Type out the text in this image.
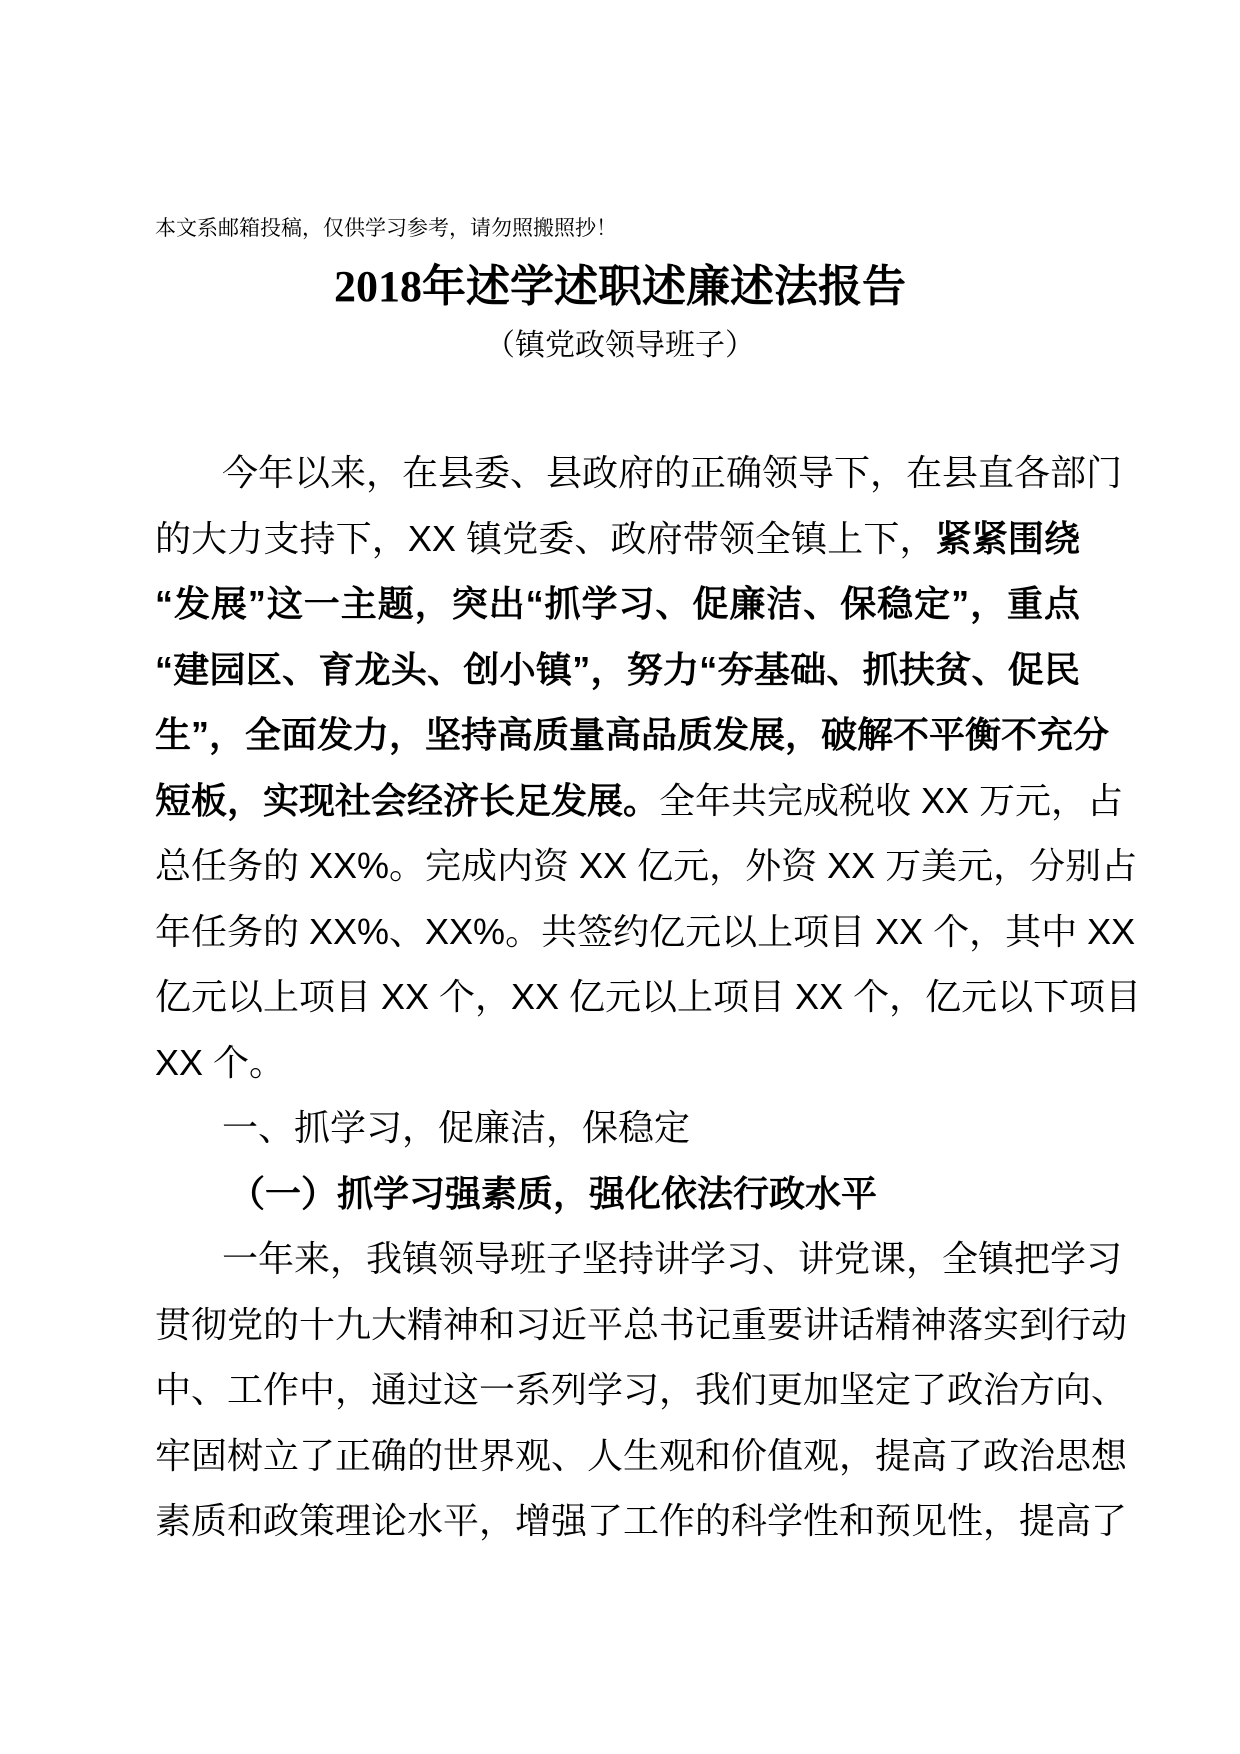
本文系邮箱投稿，仅供学习参考，请勿照搬照抄！
2018年述学述职述廉述法报告
（镇党政领导班子）
今年以来，在县委、县政府的正确领导下，在县直各部门
的大力支持下，XX 镇党委、政府带领全镇上下，紧紧围绕
“发展”这一主题，突出“抓学习、促廉洁、保稳定”，重点
“建园区、育龙头、创小镇”，努力“夯基础、抓扶贫、促民
生”，全面发力，坚持高质量高品质发展，破解不平衡不充分
短板，实现社会经济长足发展。全年共完成税收 XX 万元，占
总任务的 XX%。完成内资 XX 亿元，外资 XX 万美元，分别占
年任务的 XX%、XX%。共签约亿元以上项目 XX 个，其中 XX
亿元以上项目 XX 个，XX 亿元以上项目 XX 个，亿元以下项目
XX 个。
一、抓学习，促廉洁，保稳定
（一）抓学习强素质，强化依法行政水平
一年来，我镇领导班子坚持讲学习、讲党课，全镇把学习
贯彻党的十九大精神和习近平总书记重要讲话精神落实到行动
中、工作中，通过这一系列学习，我们更加坚定了政治方向、
牢固树立了正确的世界观、人生观和价值观，提高了政治思想
素质和政策理论水平，增强了工作的科学性和预见性，提高了
